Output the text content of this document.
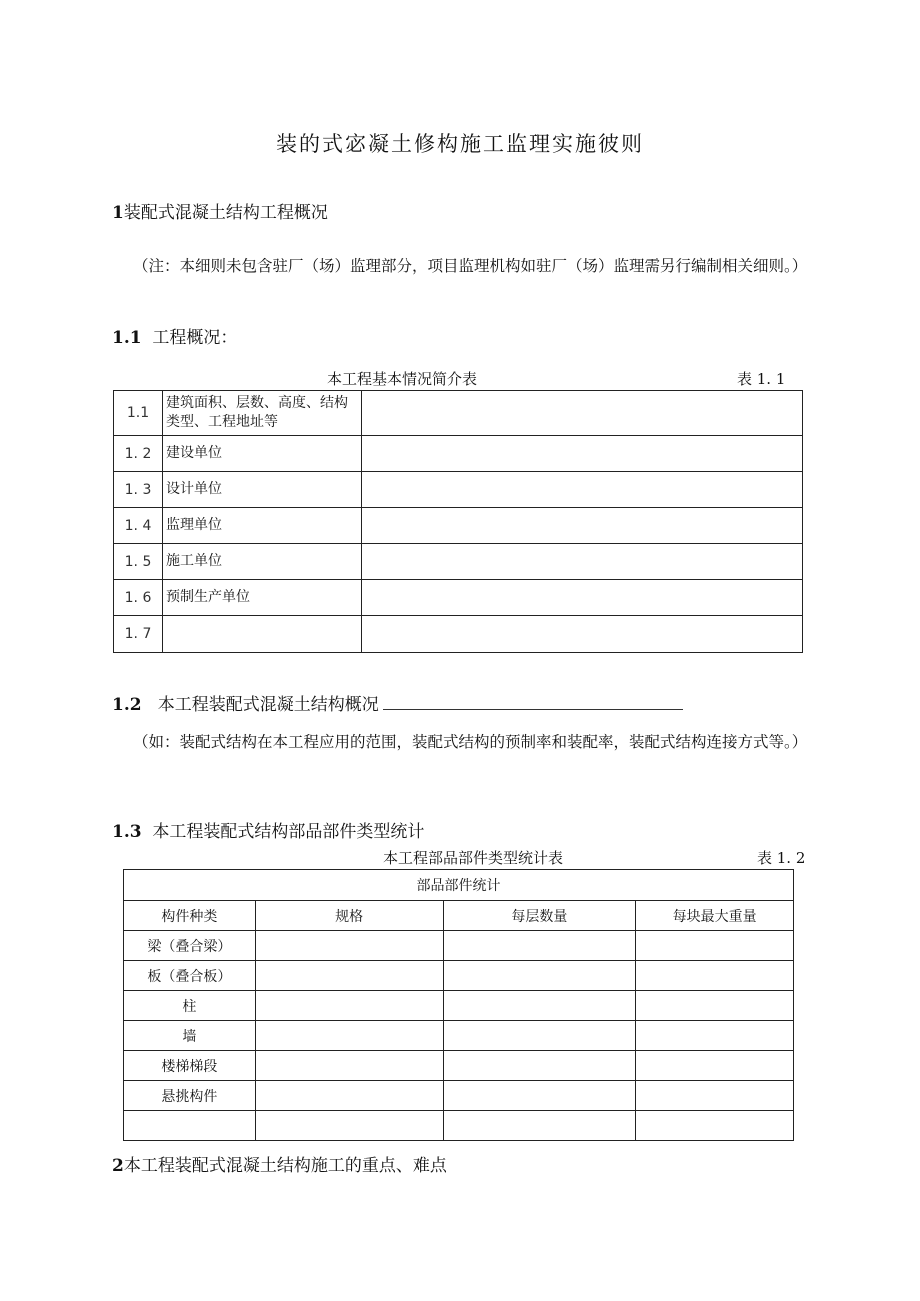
装的式宓凝土修构施工监理实施彼则
1装配式混凝土结构工程概况
（注：本细则未包含驻厂（场）监理部分，项目监理机构如驻厂（场）监理需另行编制相关细则。）
1.1 工程概况：
本工程基本情况简介表	表 1. 1
1.1	建筑面积、层数、高度、结构类型、工程地址等	
1. 2	建设单位	
1. 3	设计单位	
1. 4	监理单位	
1. 5	施工单位	
1. 6	预制生产单位	
1. 7		
1.2 本工程装配式混凝土结构概况
（如：装配式结构在本工程应用的范围，装配式结构的预制率和装配率，装配式结构连接方式等。）
1.3 本工程装配式结构部品部件类型统计
本工程部品部件类型统计表	表 1. 2
部品部件统计			
构件种类	规格	每层数量	每块最大重量
梁（叠合梁）			
板（叠合板）			
柱			
墙			
楼梯梯段			
悬挑构件			

2本工程装配式混凝土结构施工的重点、难点
